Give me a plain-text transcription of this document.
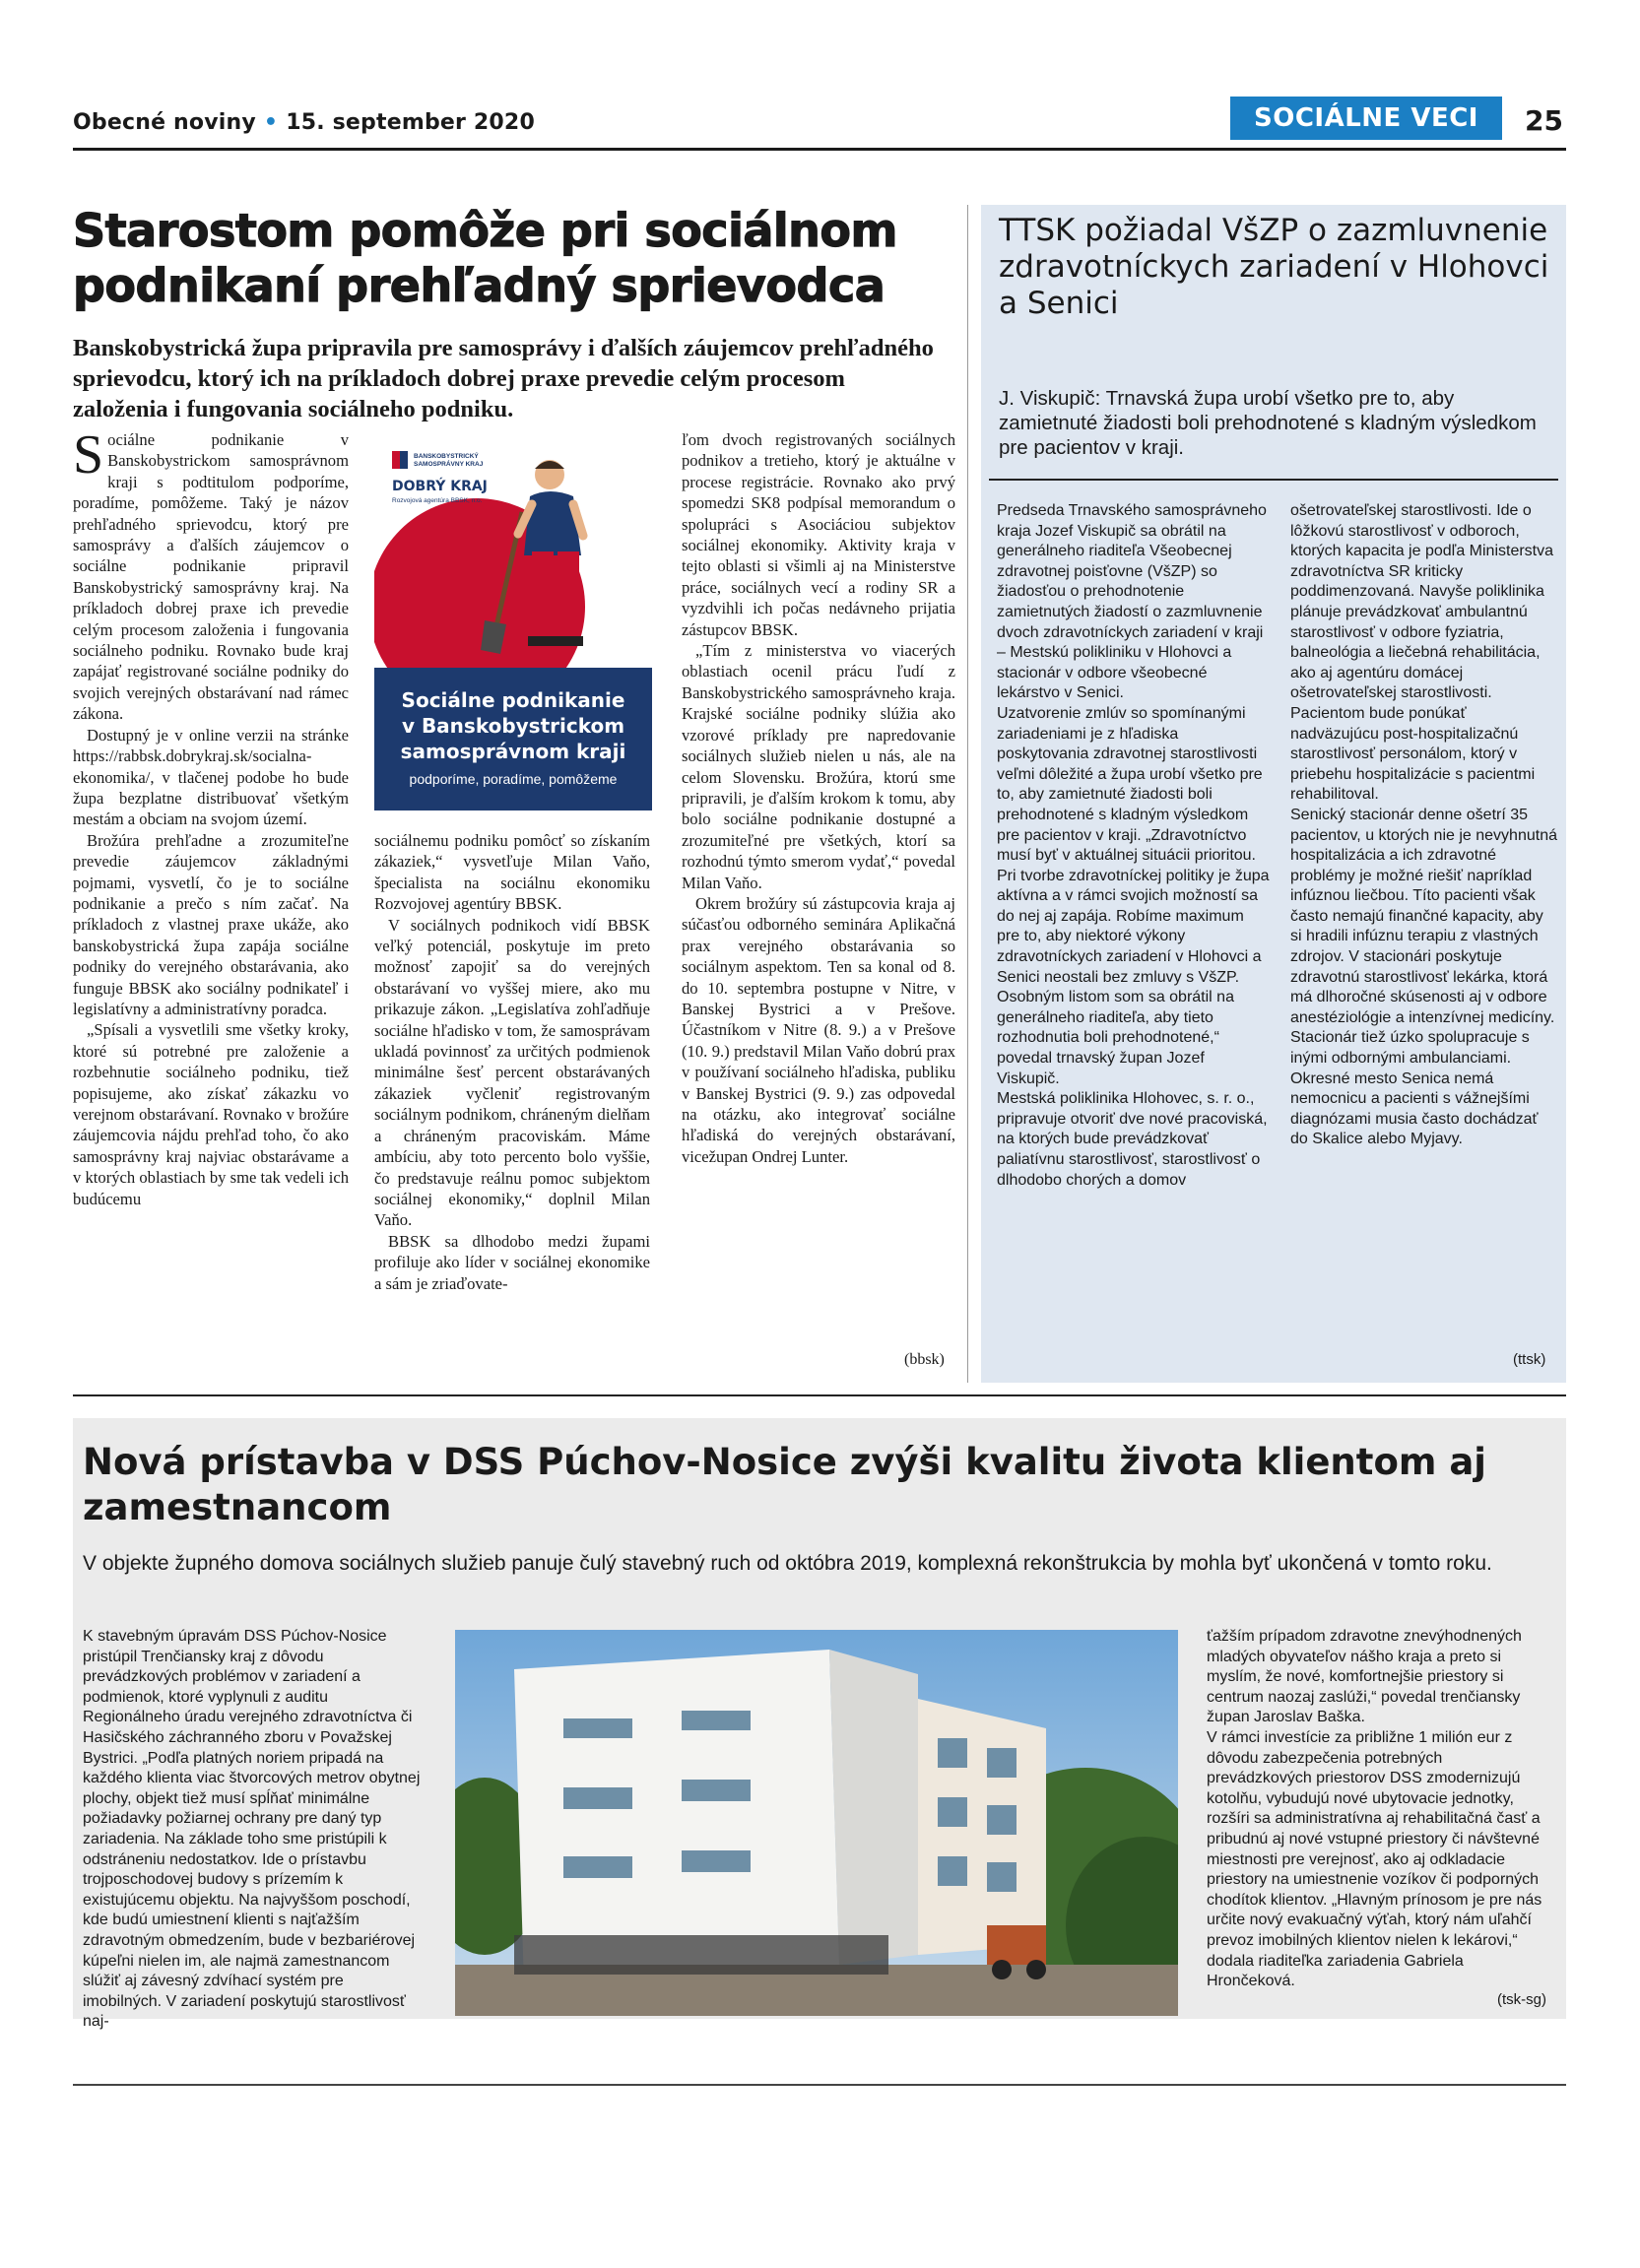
Obecné noviny • 15. september 2020	SOCIÁLNE VECI	25
Starostom pomôže pri sociálnom podnikaní prehľadný sprievodca
Banskobystrická župa pripravila pre samosprávy i ďalších záujemcov prehľadného sprievodcu, ktorý ich na príkladoch dobrej praxe prevedie celým procesom založenia i fungovania sociálneho podniku.

Sociálne podnikanie v Banskobystrickom samosprávnom kraji s podtitulom podporíme, poradíme, pomôžeme. Taký je názov prehľadného sprievodcu, ktorý pre samosprávy a ďalších záujemcov o sociálne podnikanie pripravil Banskobystrický samosprávny kraj. Na príkladoch dobrej praxe ich prevedie celým procesom založenia i fungovania sociálneho podniku. Rovnako bude kraj zapájať registrované sociálne podniky do svojich verejných obstarávaní nad rámec zákona.

Dostupný je v online verzii na stránke https://rabbsk.dobrykraj.sk/socialna-ekonomika/, v tlačenej podobe ho bude župa bezplatne distribuovať všetkým mestám a obciam na svojom území.

Brožúra prehľadne a zrozumiteľne prevedie záujemcov základnými pojmami, vysvetlí, čo je to sociálne podnikanie a prečo s ním začať. Na príkladoch z vlastnej praxe ukáže, ako banskobystrická župa zapája sociálne podniky do verejného obstarávania, ako funguje BBSK ako sociálny podnikateľ i legislatívny a administratívny poradca.

„Spísali a vysvetlili sme všetky kroky, ktoré sú potrebné pre založenie a rozbehnutie sociálneho podniku, tiež popisujeme, ako získať zákazku vo verejnom obstarávaní. Rovnako v brožúre záujemcovia nájdu prehľad toho, čo ako samosprávny kraj najviac obstarávame a v ktorých oblastiach by sme tak vedeli ich budúcemu

BANSKOBYSTRICKÝ
SAMOSPRÁVNY KRAJ
DOBRÝ KRAJ
Rozvojová agentúra BBSK, n.o.
Sociálne podnikanie
v Banskobystrickom
samosprávnom kraji
podporíme, poradíme, pomôžeme

sociálnemu podniku pomôcť so získaním zákaziek,“ vysvetľuje Milan Vaňo, špecialista na sociálnu ekonomiku Rozvojovej agentúry BBSK.

V sociálnych podnikoch vidí BBSK veľký potenciál, poskytuje im preto možnosť zapojiť sa do verejných obstarávaní vo vyššej miere, ako mu prikazuje zákon. „Legislatíva zohľadňuje sociálne hľadisko v tom, že samosprávam ukladá povinnosť za určitých podmienok minimálne šesť percent obstarávaných zákaziek vyčleniť registrovaným sociálnym podnikom, chráneným dielňam a chráneným pracoviskám. Máme ambíciu, aby toto percento bolo vyššie, čo predstavuje reálnu pomoc subjektom sociálnej ekonomiky,“ doplnil Milan Vaňo.

BBSK sa dlhodobo medzi župami profiluje ako líder v sociálnej ekonomike a sám je zriaďovate-

ľom dvoch registrovaných sociálnych podnikov a tretieho, ktorý je aktuálne v procese registrácie. Rovnako ako prvý spomedzi SK8 podpísal memorandum o spolupráci s Asociáciou subjektov sociálnej ekonomiky. Aktivity kraja v tejto oblasti si všimli aj na Ministerstve práce, sociálnych vecí a rodiny SR a vyzdvihli ich počas nedávneho prijatia zástupcov BBSK.

„Tím z ministerstva vo viacerých oblastiach ocenil prácu ľudí z Banskobystrického samosprávneho kraja. Krajské sociálne podniky slúžia ako vzorové príklady pre napredovanie sociálnych služieb nielen u nás, ale na celom Slovensku. Brožúra, ktorú sme pripravili, je ďalším krokom k tomu, aby bolo sociálne podnikanie dostupné a zrozumiteľné pre všetkých, ktorí sa rozhodnú týmto smerom vydať,“ povedal Milan Vaňo.

Okrem brožúry sú zástupcovia kraja aj súčasťou odborného seminára Aplikačná prax verejného obstarávania so sociálnym aspektom. Ten sa konal od 8. do 10. septembra postupne v Nitre, v Banskej Bystrici a v Prešove. Účastníkom v Nitre (8. 9.) a v Prešove (10. 9.) predstavil Milan Vaňo dobrú prax v používaní sociálneho hľadiska, publiku v Banskej Bystrici (9. 9.) zas odpovedal na otázku, ako integrovať sociálne hľadiská do verejných obstarávaní, vicežupan Ondrej Lunter.

(bbsk)
TTSK požiadal VšZP o zazmluvnenie zdravotníckych zariadení v Hlohovci a Senici
J. Viskupič: Trnavská župa urobí všetko pre to, aby zamietnuté žiadosti boli prehodnotené s kladným výsledkom pre pacientov v kraji.

Predseda Trnavského samosprávneho kraja Jozef Viskupič sa obrátil na generálneho riaditeľa Všeobecnej zdravotnej poisťovne (VšZP) so žiadosťou o prehodnotenie zamietnutých žiadostí o zazmluvnenie dvoch zdravotníckych zariadení v kraji – Mestskú polikliniku v Hlohovci a stacionár v odbore všeobecné lekárstvo v Senici.

Uzatvorenie zmlúv so spomínanými zariadeniami je z hľadiska poskytovania zdravotnej starostlivosti veľmi dôležité a župa urobí všetko pre to, aby zamietnuté žiadosti boli prehodnotené s kladným výsledkom pre pacientov v kraji. „Zdravotníctvo musí byť v aktuálnej situácii prioritou. Pri tvorbe zdravotníckej politiky je župa aktívna a v rámci svojich možností sa do nej aj zapája. Robíme maximum pre to, aby niektoré výkony zdravotníckych zariadení v Hlohovci a Senici neostali bez zmluvy s VšZP. Osobným listom som sa obrátil na generálneho riaditeľa, aby tieto rozhodnutia boli prehodnotené,“ povedal trnavský župan Jozef Viskupič.

Mestská poliklinika Hlohovec, s. r. o., pripravuje otvoriť dve nové pracoviská, na ktorých bude prevádzkovať paliatívnu starostlivosť, starostlivosť o dlhodobo chorých a domov

ošetrovateľskej starostlivosti. Ide o lôžkovú starostlivosť v odboroch, ktorých kapacita je podľa Ministerstva zdravotníctva SR kriticky poddimenzovaná. Navyše poliklinika plánuje prevádzkovať ambulantnú starostlivosť v odbore fyziatria, balneológia a liečebná rehabilitácia, ako aj agentúru domácej ošetrovateľskej starostlivosti. Pacientom bude ponúkať nadväzujúcu post-hospitalizačnú starostlivosť personálom, ktorý v priebehu hospitalizácie s pacientmi rehabilitoval.

Senický stacionár denne ošetrí 35 pacientov, u ktorých nie je nevyhnutná hospitalizácia a ich zdravotné problémy je možné riešiť napríklad infúznou liečbou. Títo pacienti však často nemajú finančné kapacity, aby si hradili infúznu terapiu z vlastných zdrojov. V stacionári poskytuje zdravotnú starostlivosť lekárka, ktorá má dlhoročné skúsenosti aj v odbore anestéziológie a intenzívnej medicíny. Stacionár tiež úzko spolupracuje s inými odbornými ambulanciami. Okresné mesto Senica nemá nemocnicu a pacienti s vážnejšími diagnózami musia často dochádzať do Skalice alebo Myjavy.

(ttsk)
Nová prístavba v DSS Púchov-Nosice zvýši kvalitu života klientom aj zamestnancom
V objekte župného domova sociálnych služieb panuje čulý stavebný ruch od októbra 2019, komplexná rekonštrukcia by mohla byť ukončená v tomto roku.

K stavebným úpravám DSS Púchov-Nosice pristúpil Trenčiansky kraj z dôvodu prevádzkových problémov v zariadení a podmienok, ktoré vyplynuli z auditu Regionálneho úradu verejného zdravotníctva či Hasičského záchranného zboru v Považskej Bystrici. „Podľa platných noriem pripadá na každého klienta viac štvorcových metrov obytnej plochy, objekt tiež musí spĺňať minimálne požiadavky požiarnej ochrany pre daný typ zariadenia. Na základe toho sme pristúpili k odstráneniu nedostatkov. Ide o prístavbu trojposchodovej budovy s prízemím k existujúcemu objektu. Na najvyššom poschodí, kde budú umiestnení klienti s najťažším zdravotným obmedzením, bude v bezbariérovej kúpeľni nielen im, ale najmä zamestnancom slúžiť aj závesný zdvíhací systém pre imobilných. V zariadení poskytujú starostlivosť naj-

ťažším prípadom zdravotne znevýhodnených mladých obyvateľov nášho kraja a preto si myslím, že nové, komfortnejšie priestory si centrum naozaj zaslúži,“ povedal trenčiansky župan Jaroslav Baška.

V rámci investície za približne 1 milión eur z dôvodu zabezpečenia potrebných prevádzkových priestorov DSS zmodernizujú kotolňu, vybudujú nové ubytovacie jednotky, rozšíri sa administratívna aj rehabilitačná časť a pribudnú aj nové vstupné priestory či návštevné miestnosti pre verejnosť, ako aj odkladacie priestory na umiestnenie vozíkov či podporných chodítok klientov. „Hlavným prínosom je pre nás určite nový evakuačný výťah, ktorý nám uľahčí prevoz imobilných klientov nielen k lekárovi,“ dodala riaditeľka zariadenia Gabriela Hrončeková.

(tsk-sg)
